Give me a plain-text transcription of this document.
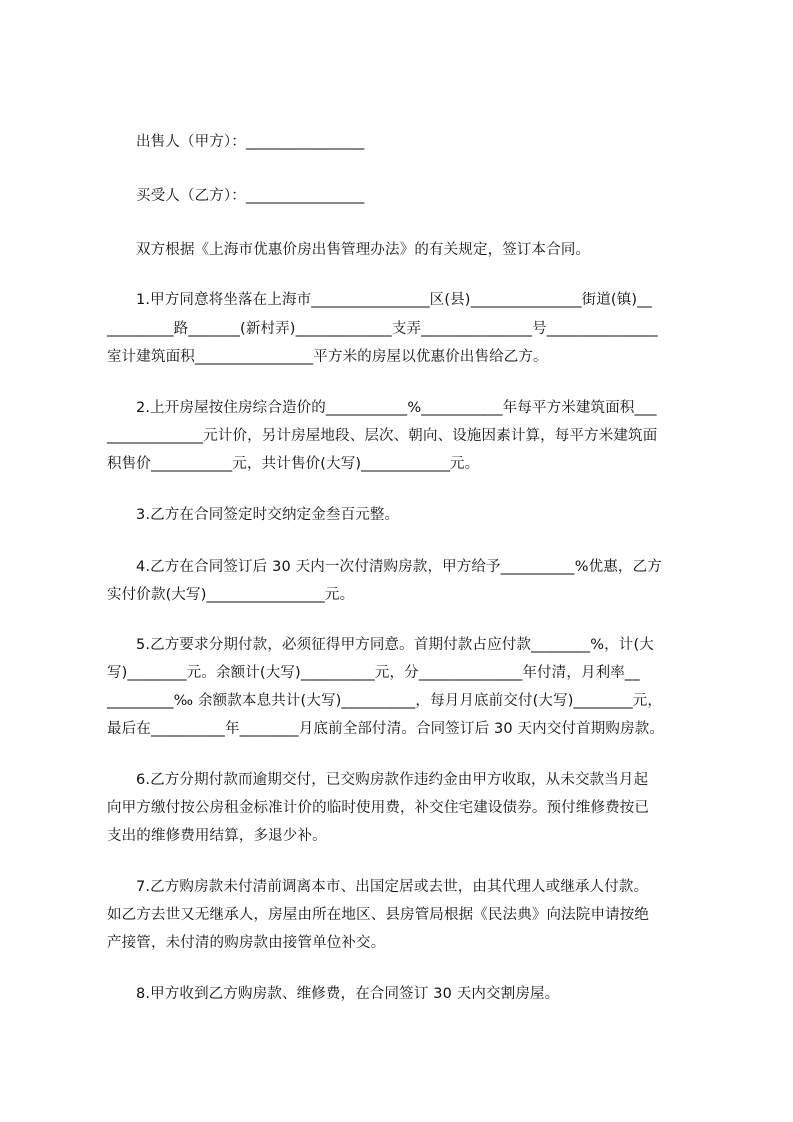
出售人（甲方）：________________
买受人（乙方）：________________
双方根据《上海市优惠价房出售管理办法》的有关规定，签订本合同。
1.甲方同意将坐落在上海市________________区(县)_______________街道(镇)__
_________路_______(新村弄)_____________支弄_______________号_______________
室计建筑面积________________平方米的房屋以优惠价出售给乙方。
2.上开房屋按住房综合造价的___________%___________年每平方米建筑面积___
_____________元计价，另计房屋地段、层次、朝向、设施因素计算，每平方米建筑面
积售价___________元，共计售价(大写)____________元。
3.乙方在合同签定时交纳定金叁百元整。
4.乙方在合同签订后 30 天内一次付清购房款，甲方给予__________%优惠，乙方
实付价款(大写)________________元。
5.乙方要求分期付款，必须征得甲方同意。首期付款占应付款________%，计(大
写)________元。余额计(大写)__________元，分______________年付清，月利率__
_________‰ 余额款本息共计(大写)__________，每月月底前交付(大写)________元，
最后在__________年________月底前全部付清。合同签订后 30 天内交付首期购房款。
6.乙方分期付款而逾期交付，已交购房款作违约金由甲方收取，从未交款当月起
向甲方缴付按公房租金标准计价的临时使用费，补交住宅建设债券。预付维修费按已
支出的维修费用结算，多退少补。
7.乙方购房款未付清前调离本市、出国定居或去世，由其代理人或继承人付款。
如乙方去世又无继承人，房屋由所在地区、县房管局根据《民法典》向法院申请按绝
产接管，未付清的购房款由接管单位补交。
8.甲方收到乙方购房款、维修费，在合同签订 30 天内交割房屋。
